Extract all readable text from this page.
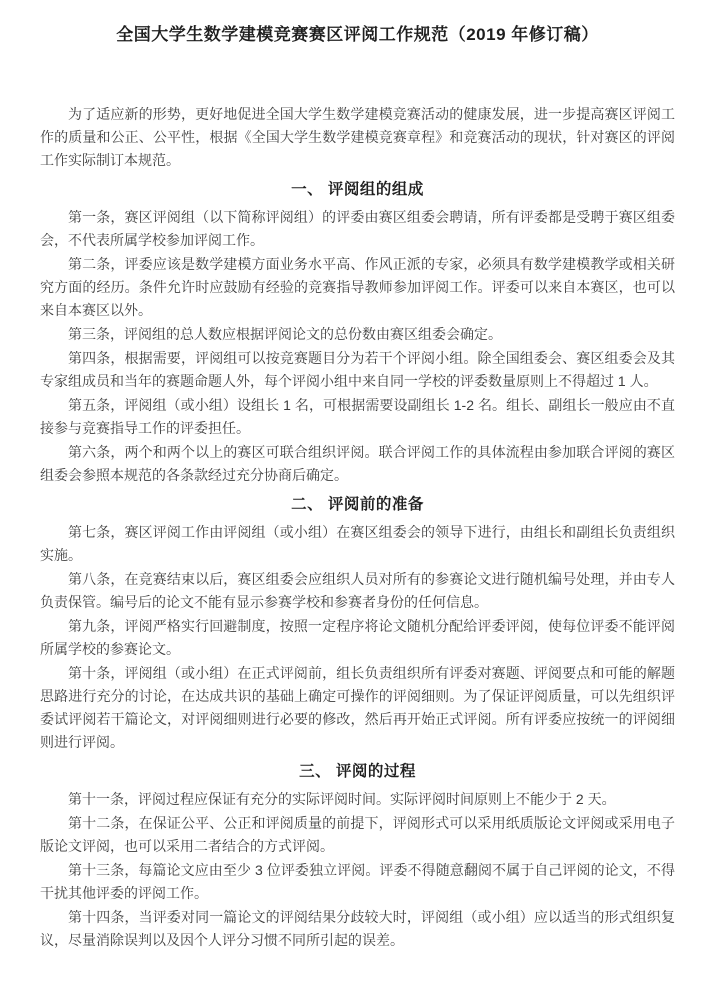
全国大学生数学建模竞赛赛区评阅工作规范（2019 年修订稿）

为了适应新的形势，更好地促进全国大学生数学建模竞赛活动的健康发展，进一步提高赛区评阅工作的质量和公正、公平性，根据《全国大学生数学建模竞赛章程》和竞赛活动的现状，针对赛区的评阅工作实际制订本规范。

一、 评阅组的组成

第一条，赛区评阅组（以下简称评阅组）的评委由赛区组委会聘请，所有评委都是受聘于赛区组委会，不代表所属学校参加评阅工作。

第二条，评委应该是数学建模方面业务水平高、作风正派的专家，必须具有数学建模教学或相关研究方面的经历。条件允许时应鼓励有经验的竞赛指导教师参加评阅工作。评委可以来自本赛区，也可以来自本赛区以外。

第三条，评阅组的总人数应根据评阅论文的总份数由赛区组委会确定。

第四条，根据需要，评阅组可以按竞赛题目分为若干个评阅小组。除全国组委会、赛区组委会及其专家组成员和当年的赛题命题人外，每个评阅小组中来自同一学校的评委数量原则上不得超过 1 人。

第五条，评阅组（或小组）设组长 1 名，可根据需要设副组长 1-2 名。组长、副组长一般应由不直接参与竞赛指导工作的评委担任。

第六条，两个和两个以上的赛区可联合组织评阅。联合评阅工作的具体流程由参加联合评阅的赛区组委会参照本规范的各条款经过充分协商后确定。

二、 评阅前的准备

第七条，赛区评阅工作由评阅组（或小组）在赛区组委会的领导下进行，由组长和副组长负责组织实施。

第八条，在竞赛结束以后，赛区组委会应组织人员对所有的参赛论文进行随机编号处理，并由专人负责保管。编号后的论文不能有显示参赛学校和参赛者身份的任何信息。

第九条，评阅严格实行回避制度，按照一定程序将论文随机分配给评委评阅，使每位评委不能评阅所属学校的参赛论文。

第十条，评阅组（或小组）在正式评阅前，组长负责组织所有评委对赛题、评阅要点和可能的解题思路进行充分的讨论，在达成共识的基础上确定可操作的评阅细则。为了保证评阅质量，可以先组织评委试评阅若干篇论文，对评阅细则进行必要的修改，然后再开始正式评阅。所有评委应按统一的评阅细则进行评阅。

三、 评阅的过程

第十一条，评阅过程应保证有充分的实际评阅时间。实际评阅时间原则上不能少于 2 天。

第十二条，在保证公平、公正和评阅质量的前提下，评阅形式可以采用纸质版论文评阅或采用电子版论文评阅，也可以采用二者结合的方式评阅。

第十三条，每篇论文应由至少 3 位评委独立评阅。评委不得随意翻阅不属于自己评阅的论文，不得干扰其他评委的评阅工作。

第十四条，当评委对同一篇论文的评阅结果分歧较大时，评阅组（或小组）应以适当的形式组织复议，尽量消除误判以及因个人评分习惯不同所引起的误差。
